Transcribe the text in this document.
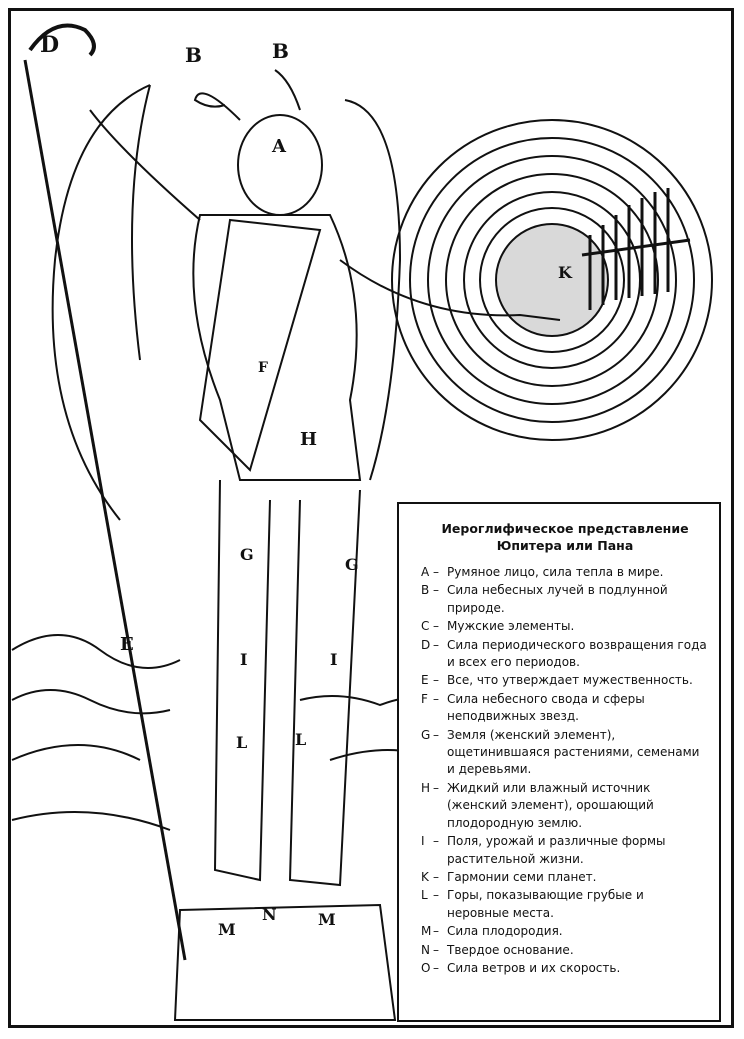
D	B	B
A
F
H
E
G
G
I	I
K
L	L
M
M
N
Иероглифическое представление
Юпитера или Пана
A – Румяное лицо, сила тепла в мире.
B – Сила небесных лучей в подлунной природе.
C – Мужские элементы.
D – Сила периодического возвращения года и всех его периодов.
E – Все, что утверждает мужественность.
F – Сила небесного свода и сферы неподвижных звезд.
G – Земля (женский элемент), ощетинившаяся растениями, семенами и деревьями.
H – Жидкий или влажный источник (женский элемент), орошающий плодородную землю.
I – Поля, урожай и различные формы растительной жизни.
K – Гармонии семи планет.
L – Горы, показывающие грубые и неровные места.
M – Сила плодородия.
N – Твердое основание.
O – Сила ветров и их скорость.
